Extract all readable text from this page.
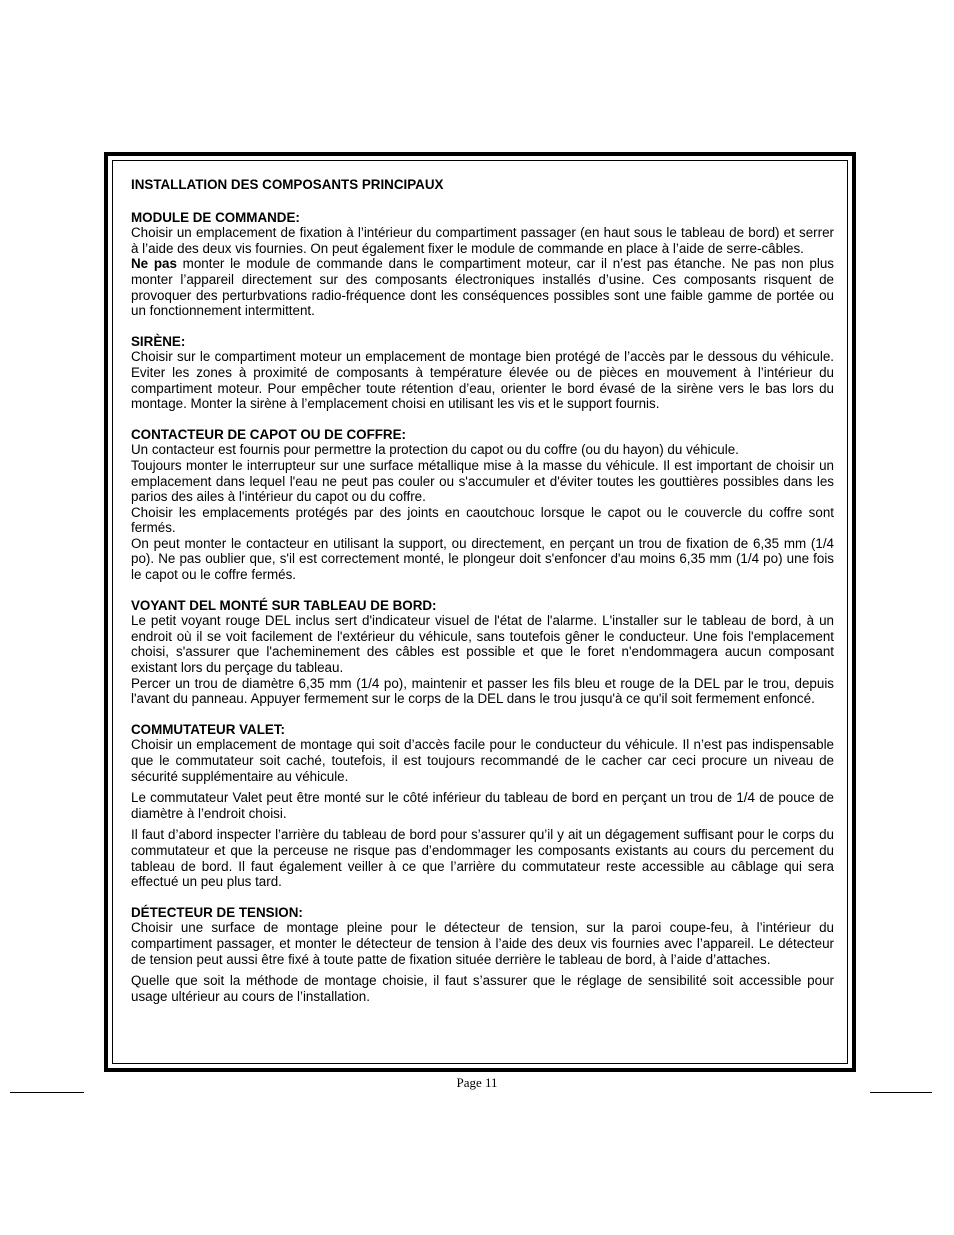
INSTALLATION DES COMPOSANTS PRINCIPAUX

MODULE DE COMMANDE:

Choisir un emplacement de fixation à l’intérieur du compartiment passager (en haut sous le tableau de bord) et serrer à l’aide des deux vis fournies. On peut également fixer le module de commande en place à l’aide de serre-câbles.

Ne pas monter le module de commande dans le compartiment moteur, car il n’est pas étanche. Ne pas non plus monter l’appareil directement sur des composants électroniques installés d’usine. Ces composants risquent de provoquer des perturbvations radio-fréquence dont les conséquences possibles sont une faible gamme de portée ou un fonctionnement intermittent.

SIRÈNE:

Choisir sur le compartiment moteur un emplacement de montage bien protégé de l’accès par le dessous du véhicule. Eviter les zones à proximité de composants à température élevée ou de pièces en mouvement à l’intérieur du compartiment moteur. Pour empêcher toute rétention d’eau, orienter le bord évasé de la sirène vers le bas lors du montage. Monter la sirène à l’emplacement choisi en utilisant les vis et le support fournis.

CONTACTEUR DE CAPOT OU DE COFFRE:

Un contacteur est fournis pour permettre la protection du capot ou du coffre (ou du hayon) du véhicule.

Toujours monter le interrupteur sur une surface métallique mise à la masse du véhicule. Il est important de choisir un emplacement dans lequel l'eau ne peut pas couler ou s'accumuler et d'éviter toutes les gouttières possibles dans les parios des ailes à l'intérieur du capot ou du coffre.

Choisir les emplacements protégés par des joints en caoutchouc lorsque le capot ou le couvercle du coffre sont fermés.

On peut monter le contacteur en utilisant la support, ou directement, en perçant un trou de fixation de 6,35 mm (1/4 po). Ne pas oublier que, s'il est correctement monté, le plongeur doit s'enfoncer d'au moins 6,35 mm (1/4 po) une fois le capot ou le coffre fermés.

VOYANT DEL MONTÉ SUR TABLEAU DE BORD:

Le petit voyant rouge DEL inclus sert d'indicateur visuel de l'état de l'alarme. L'installer sur le tableau de bord, à un endroit où il se voit facilement de l'extérieur du véhicule, sans toutefois gêner le conducteur. Une fois l'emplacement choisi, s'assurer que l'acheminement des câbles est possible et que le foret n'endommagera aucun composant existant lors du perçage du tableau.

Percer un trou de diamètre 6,35 mm (1/4 po), maintenir et passer les fils bleu et rouge de la DEL par le trou, depuis l'avant du panneau. Appuyer fermement sur le corps de la DEL dans le trou jusqu'à ce qu'il soit fermement enfoncé.

COMMUTATEUR VALET:

Choisir un emplacement de montage qui soit d’accès facile pour le conducteur du véhicule. Il n’est pas indispensable que le commutateur soit caché, toutefois, il est toujours recommandé de le cacher car ceci procure un niveau de sécurité supplémentaire au véhicule.

Le commutateur Valet peut être monté sur le côté inférieur du tableau de bord en perçant un trou de 1/4 de pouce de diamètre à l’endroit choisi.

Il faut d’abord inspecter l’arrière du tableau de bord pour s’assurer qu’il y ait un dégagement suffisant pour le corps du commutateur et que la perceuse ne risque pas d’endommager les composants existants au cours du percement du tableau de bord. Il faut également veiller à ce que l’arrière du commutateur reste accessible au câblage qui sera effectué un peu plus tard.

DÉTECTEUR DE TENSION:

Choisir une surface de montage pleine pour le détecteur de tension, sur la paroi coupe-feu, à l’intérieur du compartiment passager, et monter le détecteur de tension à l’aide des deux vis fournies avec l’appareil. Le détecteur de tension peut aussi être fixé à toute patte de fixation située derrière le tableau de bord, à l’aide d’attaches.

Quelle que soit la méthode de montage choisie, il faut s’assurer que le réglage de sensibilité soit accessible pour usage ultérieur au cours de l’installation.

Page 11
